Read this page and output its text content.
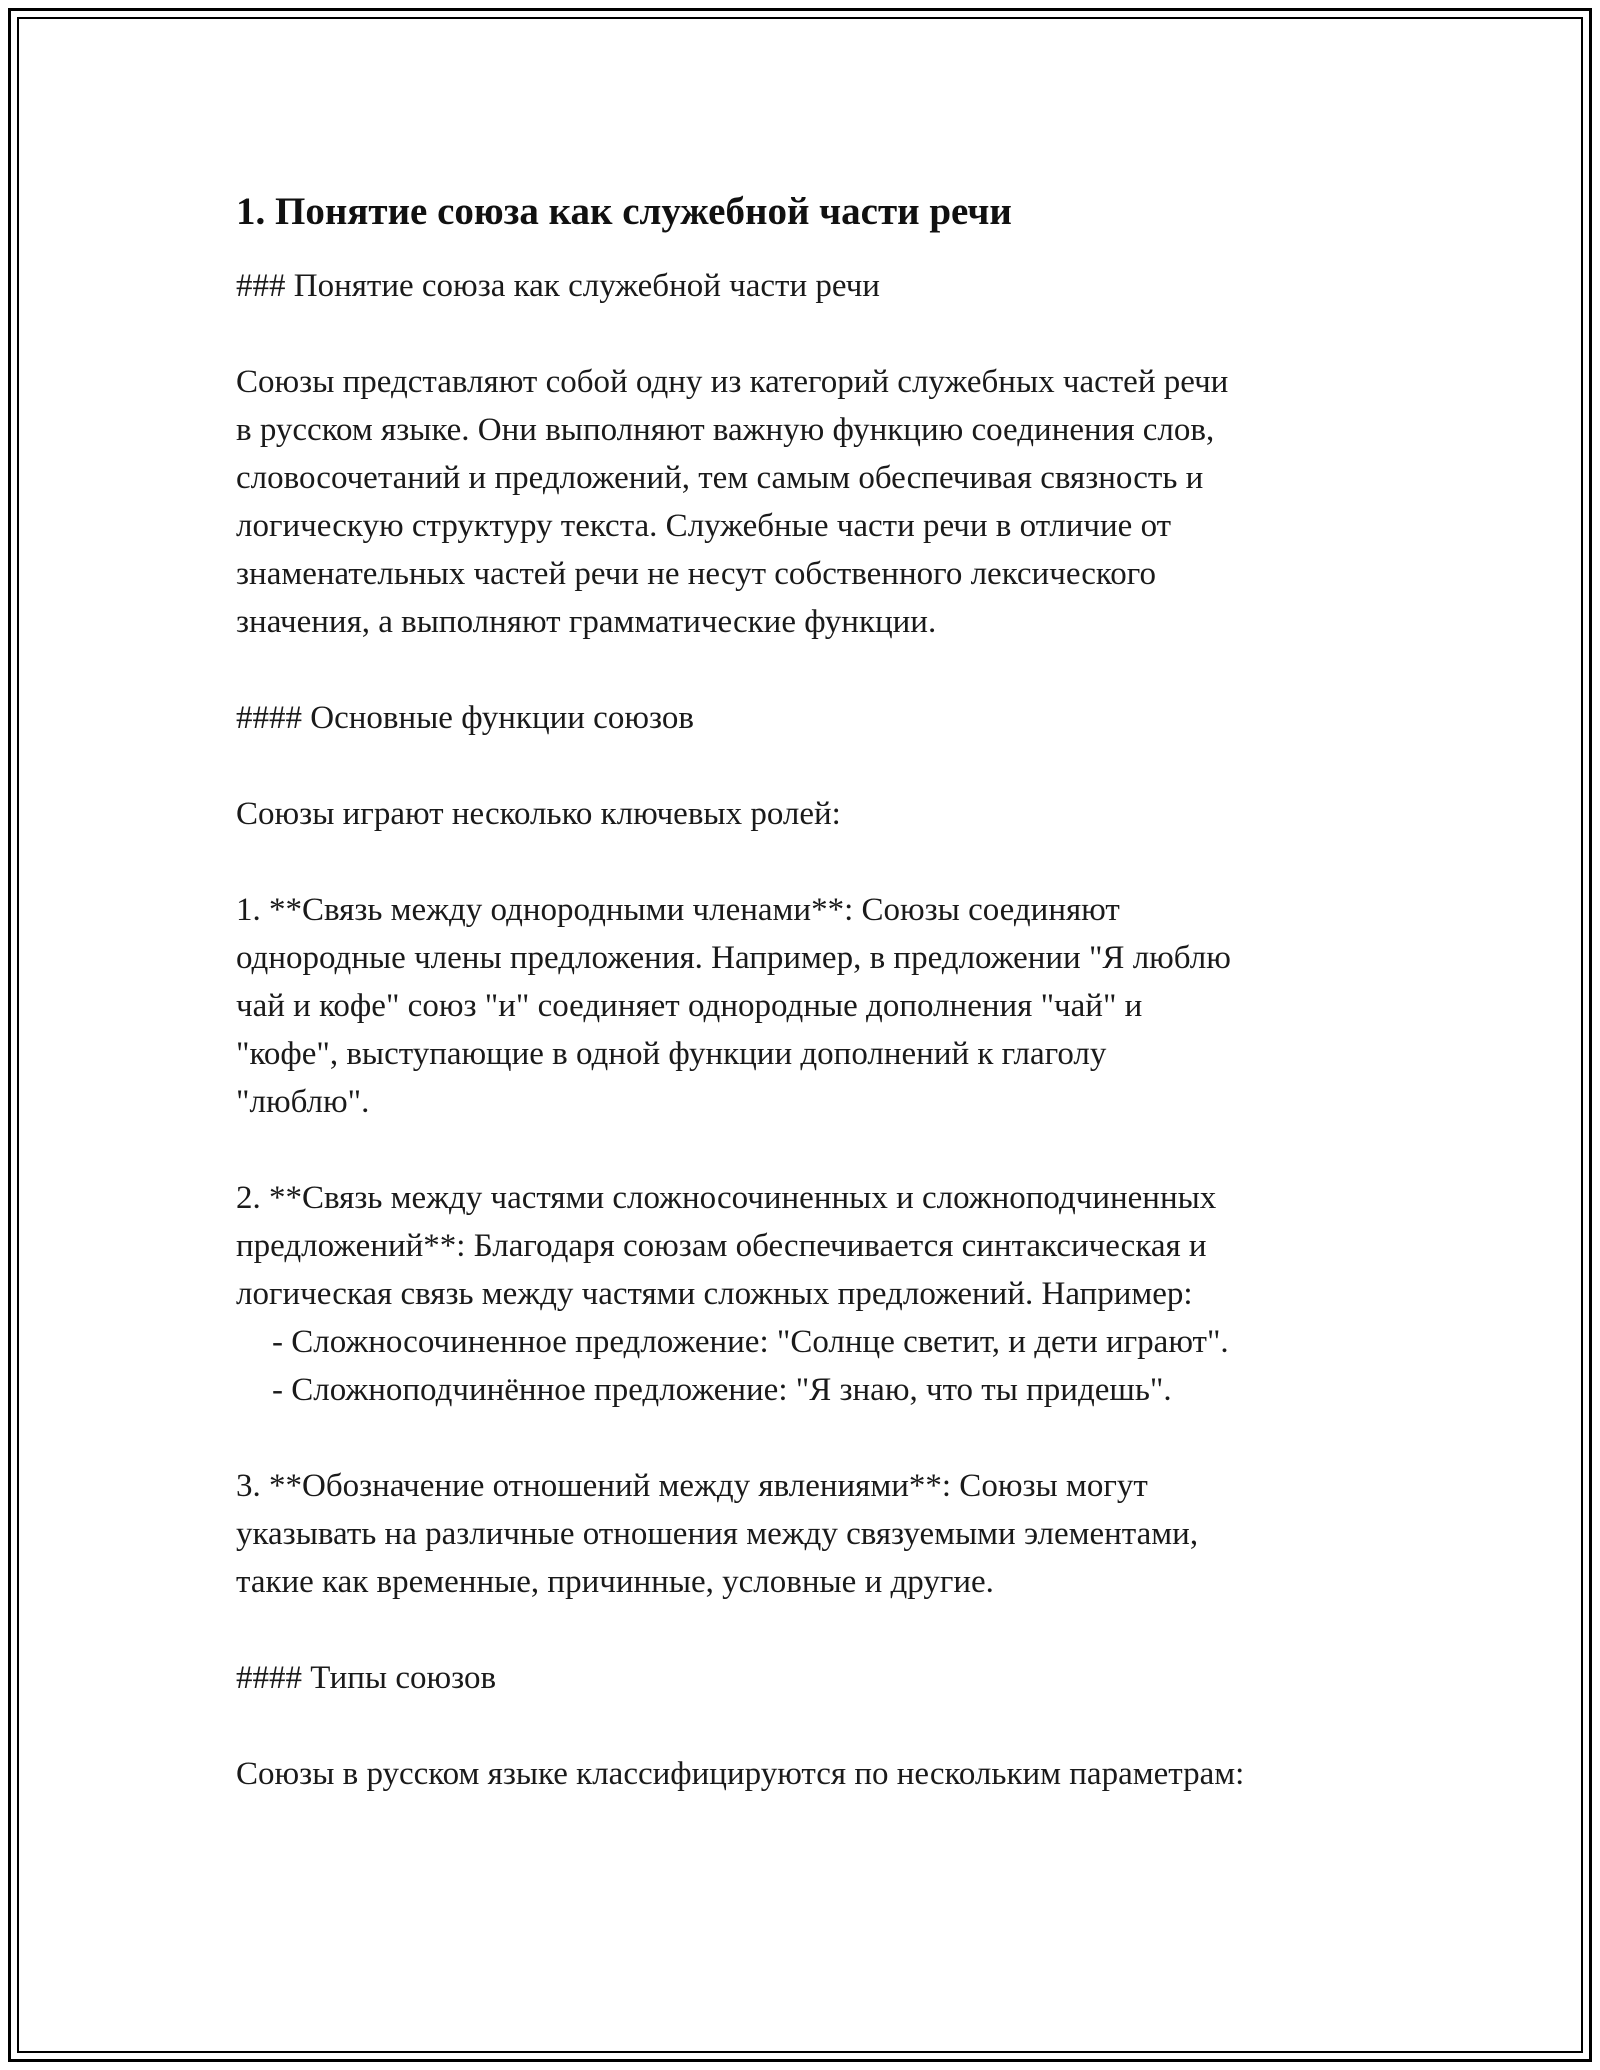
1. Понятие союза как служебной части речи

### Понятие союза как служебной части речи

Союзы представляют собой одну из категорий служебных частей речи

в русском языке. Они выполняют важную функцию соединения слов,

словосочетаний и предложений, тем самым обеспечивая связность и

логическую структуру текста. Служебные части речи в отличие от

знаменательных частей речи не несут собственного лексического

значения, а выполняют грамматические функции.

#### Основные функции союзов

Союзы играют несколько ключевых ролей:

1. **Связь между однородными членами**: Союзы соединяют

однородные члены предложения. Например, в предложении "Я люблю

чай и кофе" союз "и" соединяет однородные дополнения "чай" и

"кофе", выступающие в одной функции дополнений к глаголу

"люблю".

2. **Связь между частями сложносочиненных и сложноподчиненных

предложений**: Благодаря союзам обеспечивается синтаксическая и

логическая связь между частями сложных предложений. Например:

- Сложносочиненное предложение: "Солнце светит, и дети играют".

- Сложноподчинённое предложение: "Я знаю, что ты придешь".

3. **Обозначение отношений между явлениями**: Союзы могут

указывать на различные отношения между связуемыми элементами,

такие как временные, причинные, условные и другие.

#### Типы союзов

Союзы в русском языке классифицируются по нескольким параметрам:
